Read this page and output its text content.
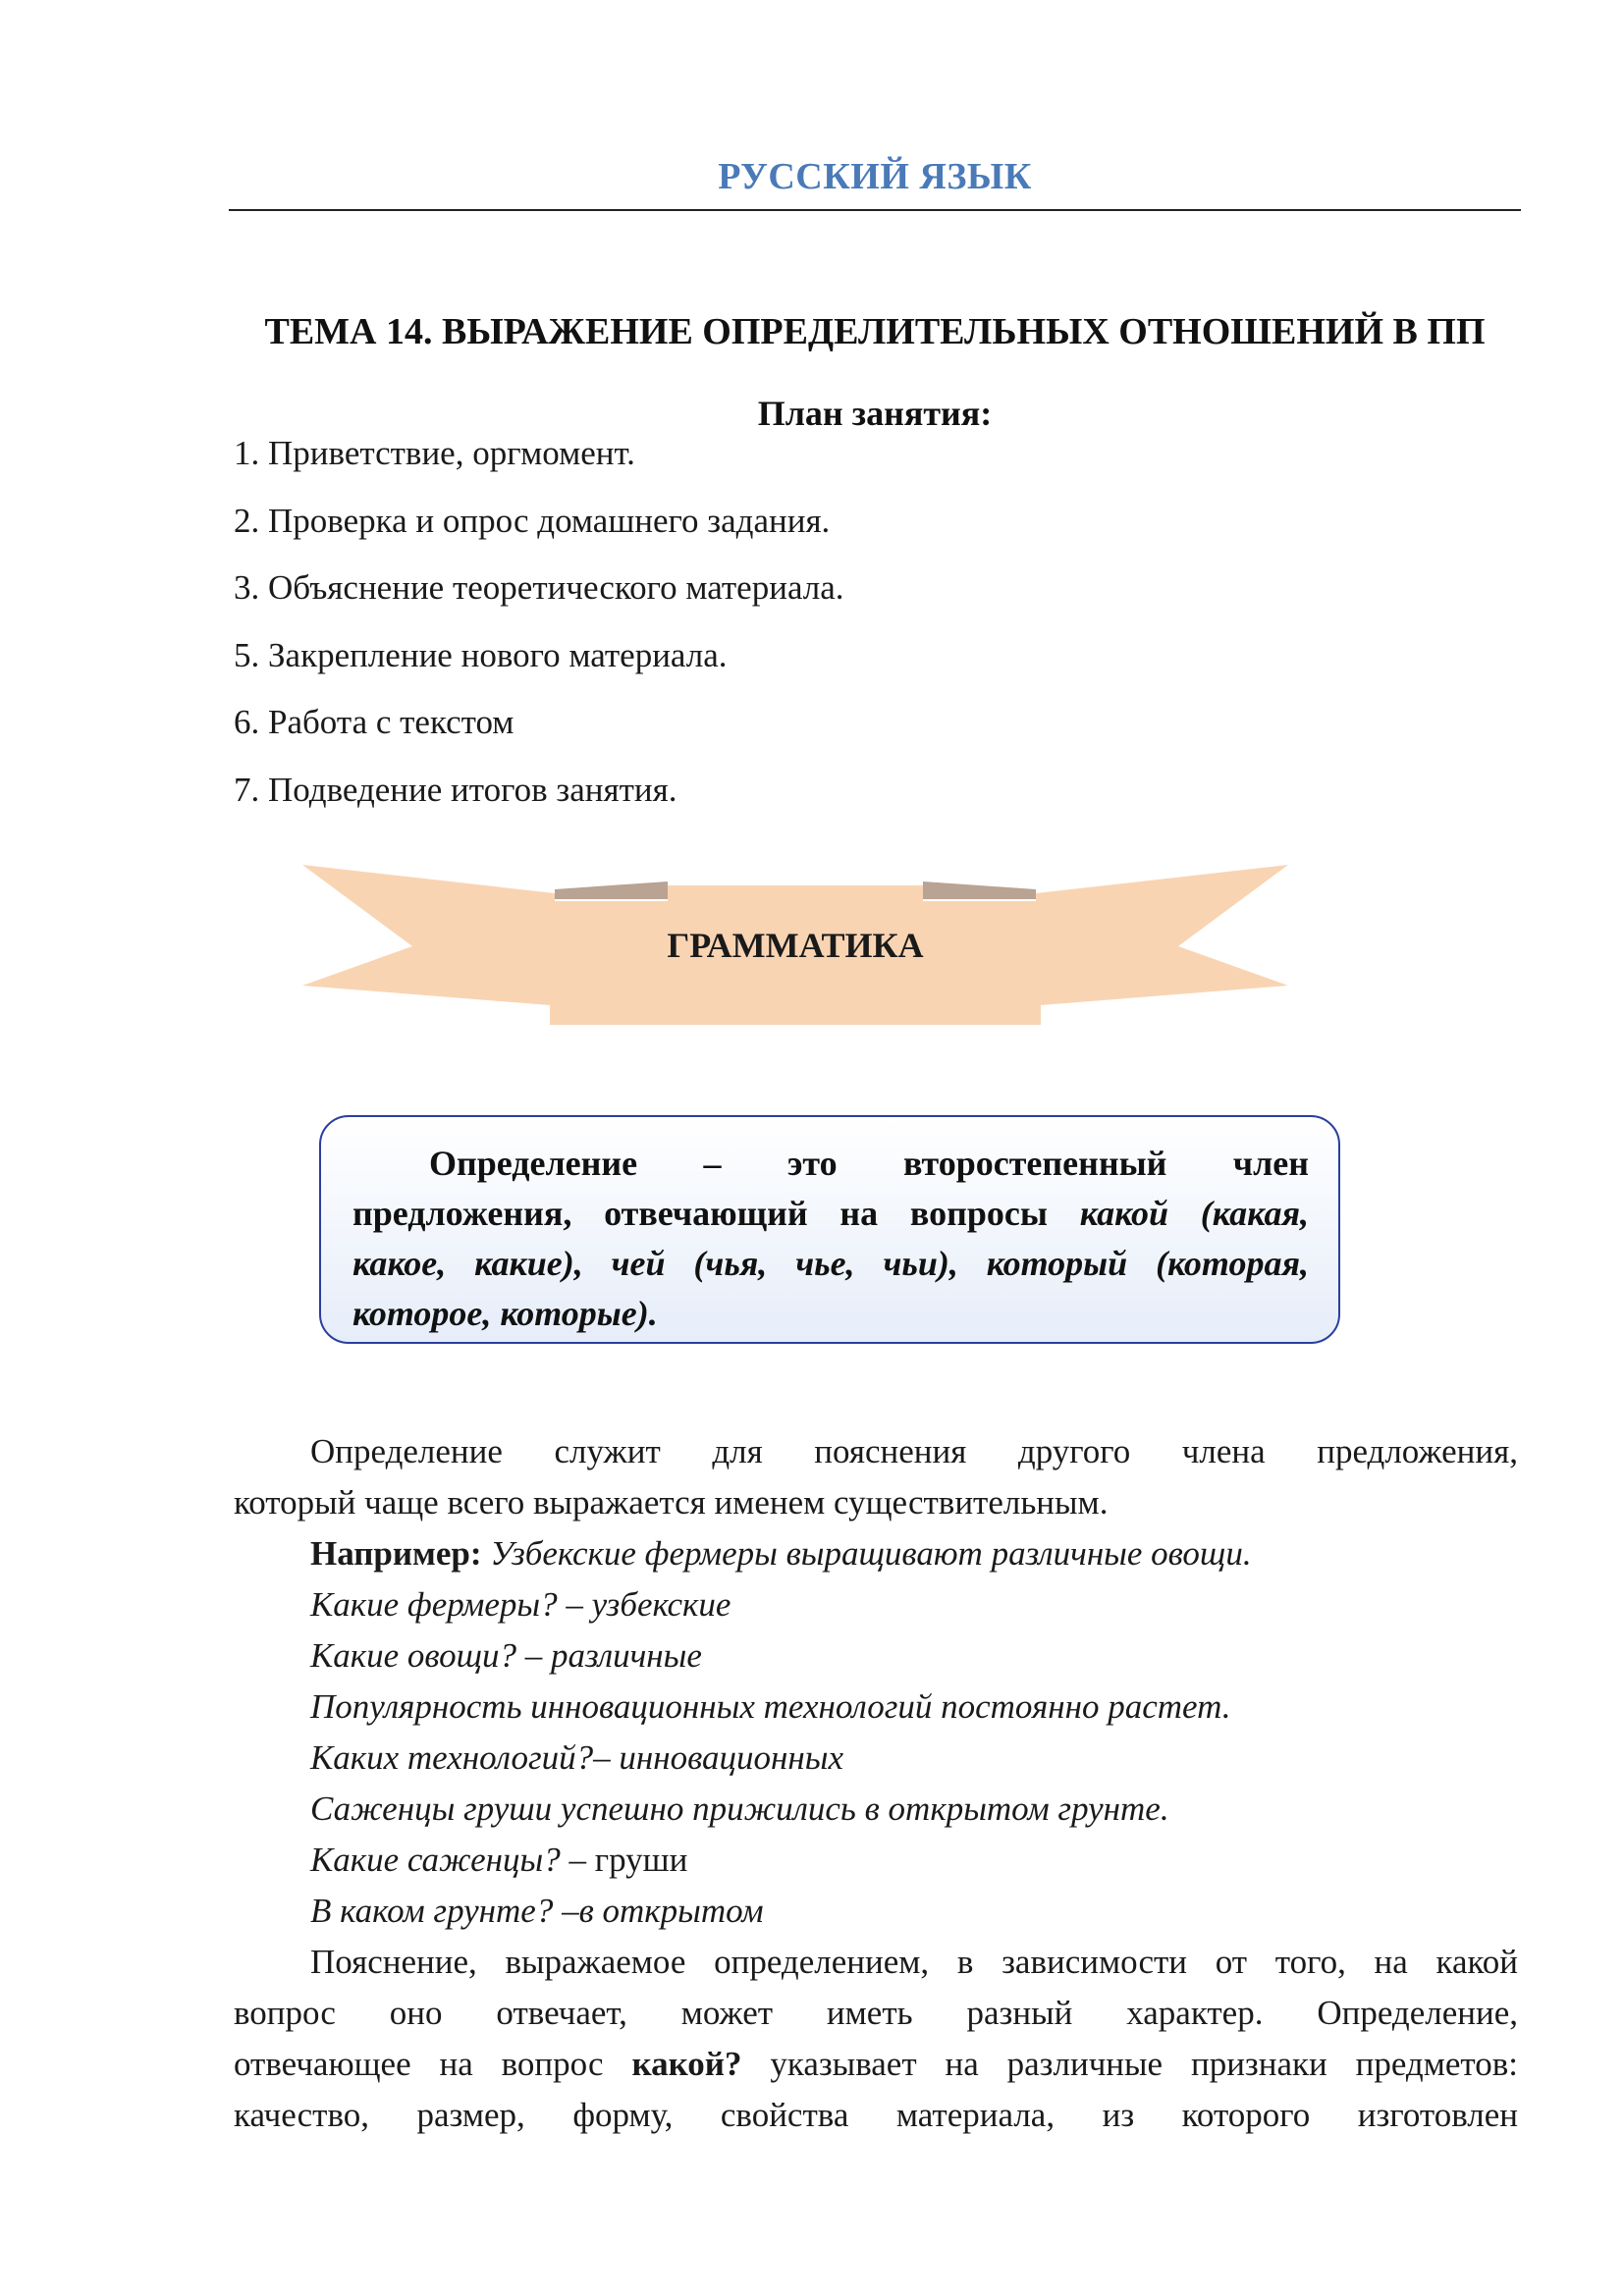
РУССКИЙ ЯЗЫК
ТЕМА 14. ВЫРАЖЕНИЕ ОПРЕДЕЛИТЕЛЬНЫХ ОТНОШЕНИЙ В ПП
План занятия:
1. Приветствие, оргмомент.
2. Проверка и опрос домашнего задания.
3. Объяснение теоретического материала.
5. Закрепление нового материала.
6. Работа с текстом
7. Подведение итогов занятия.
ГРАММАТИКА
Определение – это второстепенный член
предложения, отвечающий на вопросы какой (какая,
какое, какие), чей (чья, чье, чьи), который (которая,
которое, которые).
Определение служит для пояснения другого члена предложения,
который чаще всего выражается именем существительным.
Например: Узбекские фермеры выращивают различные овощи.
Какие фермеры? – узбекские
Какие овощи? – различные
Популярность инновационных технологий постоянно растет.
Каких технологий?– инновационных
Саженцы груши успешно прижились в открытом грунте.
Какие саженцы? – груши
В каком грунте? –в открытом
Пояснение, выражаемое определением, в зависимости от того, на какой
вопрос оно отвечает, может иметь разный характер. Определение,
отвечающее на вопрос какой? указывает на различные признаки предметов:
качество, размер, форму, свойства материала, из которого изготовлен
